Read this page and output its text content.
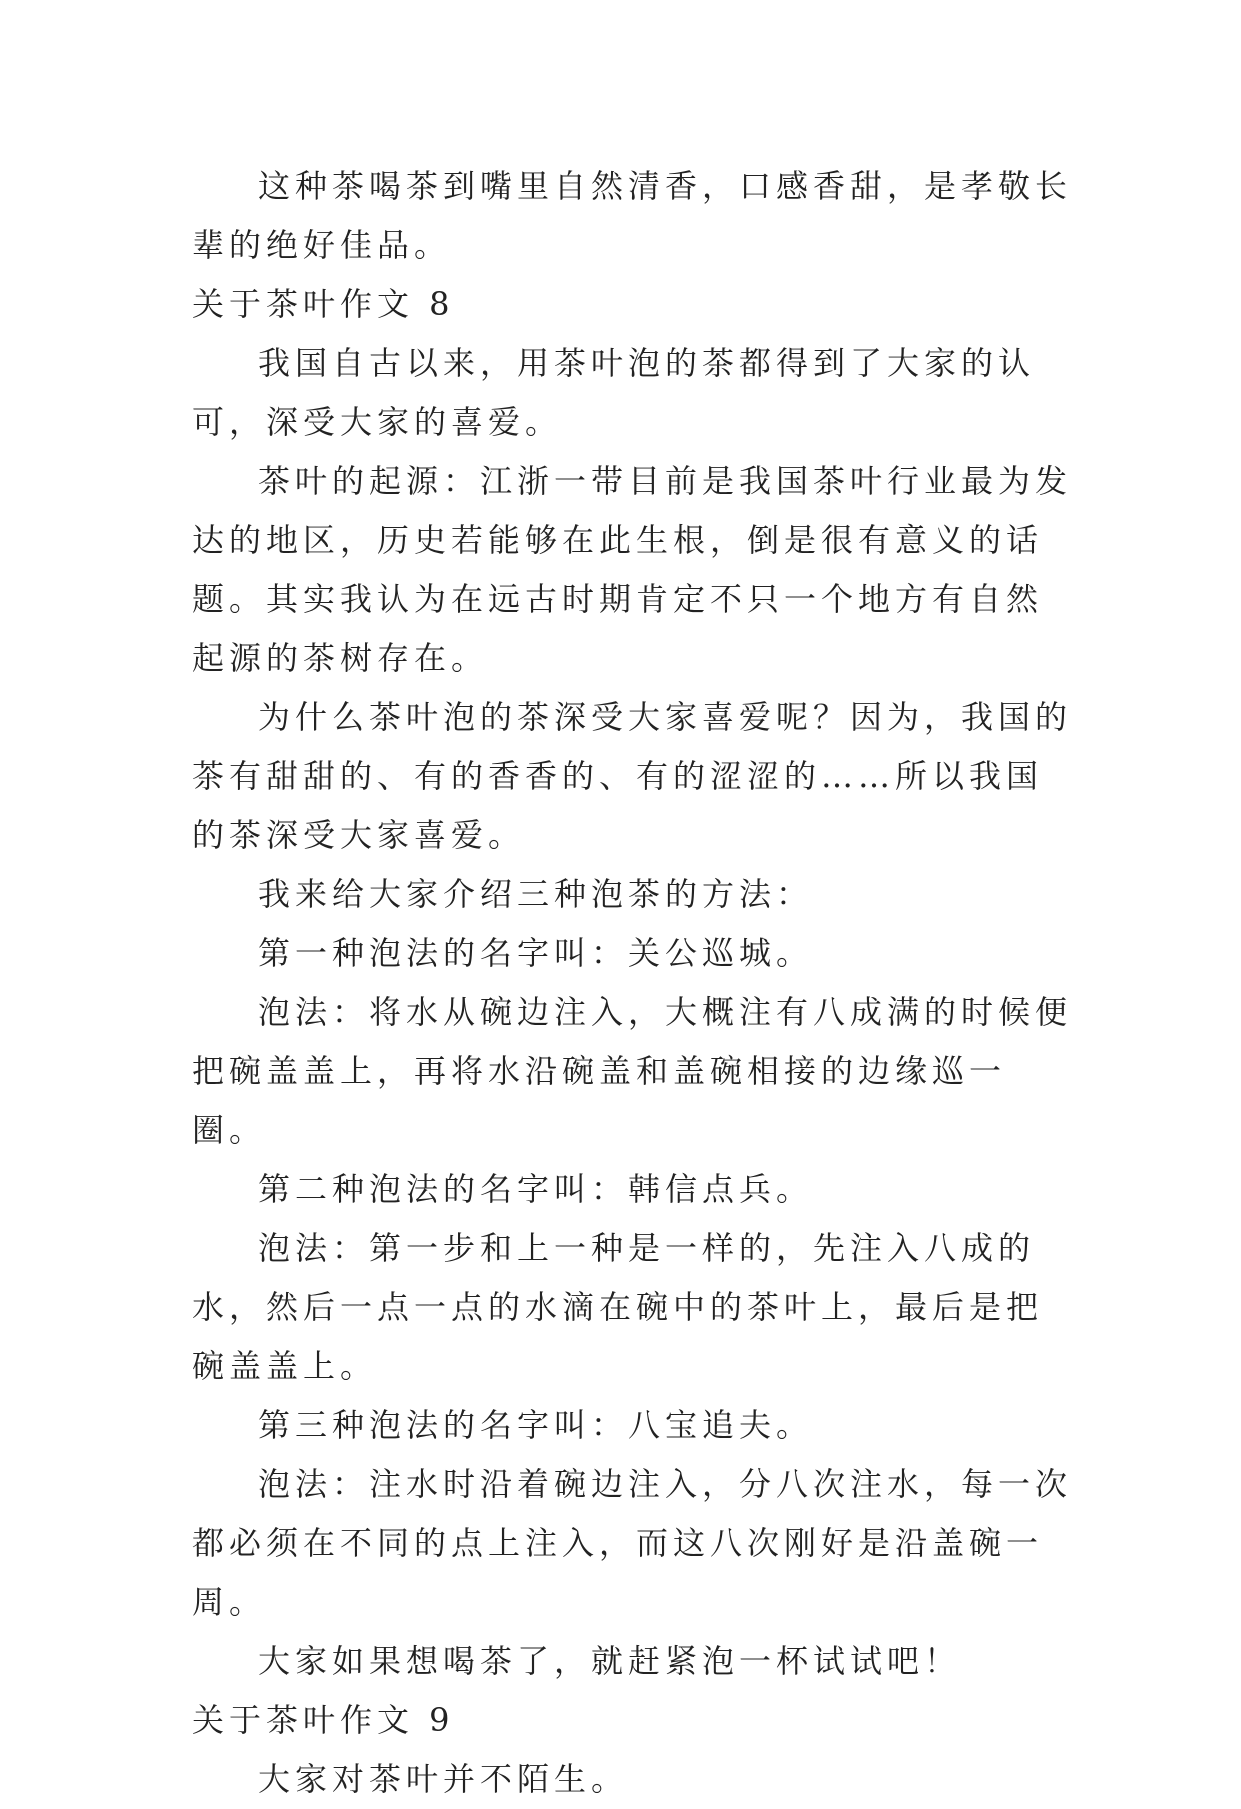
这种茶喝茶到嘴里自然清香，口感香甜，是孝敬长辈的绝好佳品。

关于茶叶作文 8

我国自古以来，用茶叶泡的茶都得到了大家的认可，深受大家的喜爱。

茶叶的起源：江浙一带目前是我国茶叶行业最为发达的地区，历史若能够在此生根，倒是很有意义的话题。其实我认为在远古时期肯定不只一个地方有自然起源的茶树存在。

为什么茶叶泡的茶深受大家喜爱呢？因为，我国的茶有甜甜的、有的香香的、有的涩涩的……所以我国的茶深受大家喜爱。

我来给大家介绍三种泡茶的方法：

第一种泡法的名字叫：关公巡城。

泡法：将水从碗边注入，大概注有八成满的时候便把碗盖盖上，再将水沿碗盖和盖碗相接的边缘巡一圈。

第二种泡法的名字叫：韩信点兵。

泡法：第一步和上一种是一样的，先注入八成的水，然后一点一点的水滴在碗中的茶叶上，最后是把碗盖盖上。

第三种泡法的名字叫：八宝追夫。

泡法：注水时沿着碗边注入，分八次注水，每一次都必须在不同的点上注入，而这八次刚好是沿盖碗一周。

大家如果想喝茶了，就赶紧泡一杯试试吧！

关于茶叶作文 9

大家对茶叶并不陌生。
